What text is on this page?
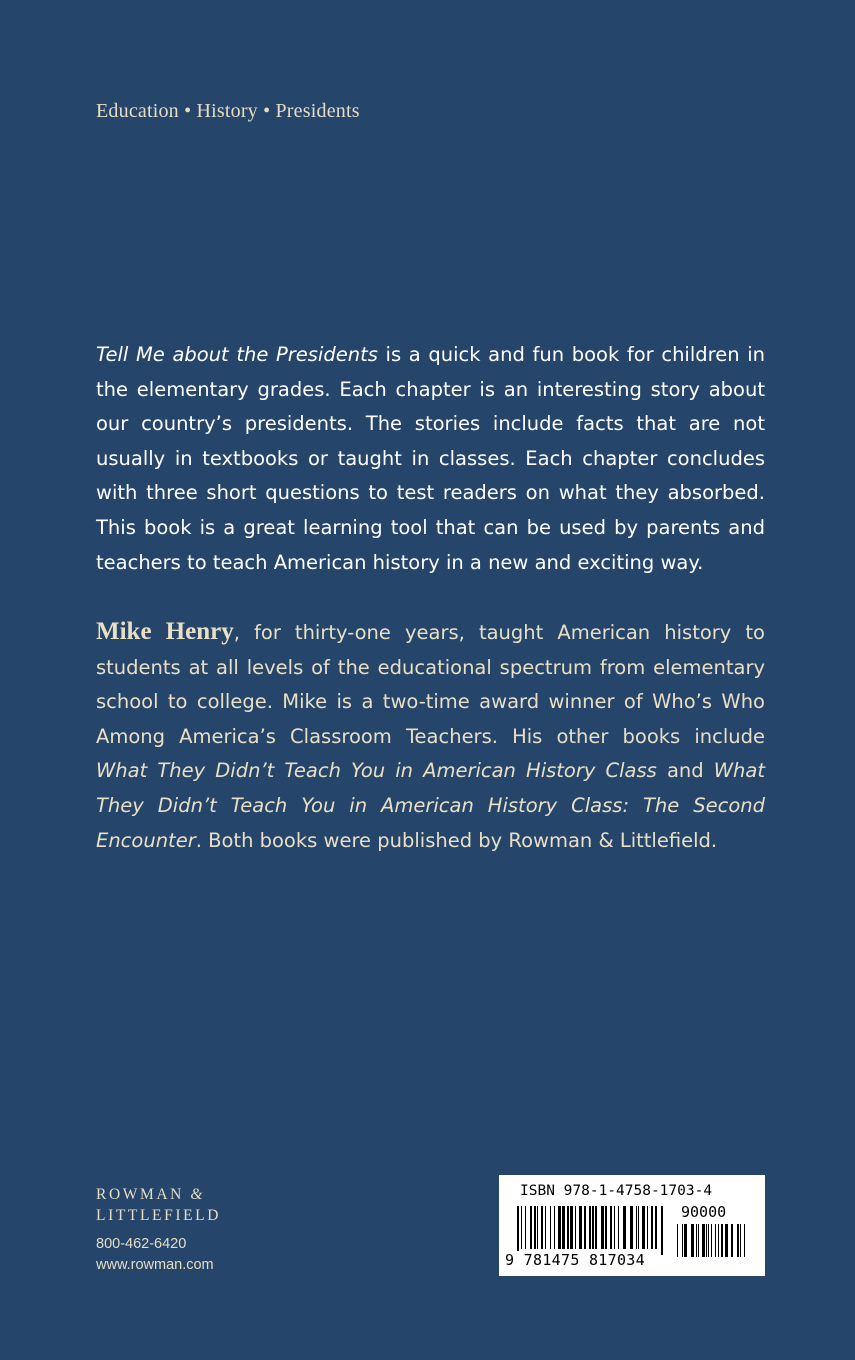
Education • History • Presidents

Tell Me about the Presidents is a quick and fun book for children in the elementary grades. Each chapter is an interesting story about our country’s presidents. The stories include facts that are not usually in textbooks or taught in classes. Each chapter concludes with three short questions to test readers on what they absorbed. This book is a great learning tool that can be used by parents and teachers to teach American history in a new and exciting way.

Mike Henry, for thirty-one years, taught American history to students at all levels of the educational spectrum from elementary school to college. Mike is a two-time award winner of Who’s Who Among America’s Classroom Teachers. His other books include What They Didn’t Teach You in American History Class and What They Didn’t Teach You in American History Class: The Second Encounter. Both books were published by Rowman & Littlefield.

ROWMAN &
LITTLEFIELD
800-462-6420
www.rowman.com
ISBN 978-1-4758-1703-4
90000
9 781475 817034
